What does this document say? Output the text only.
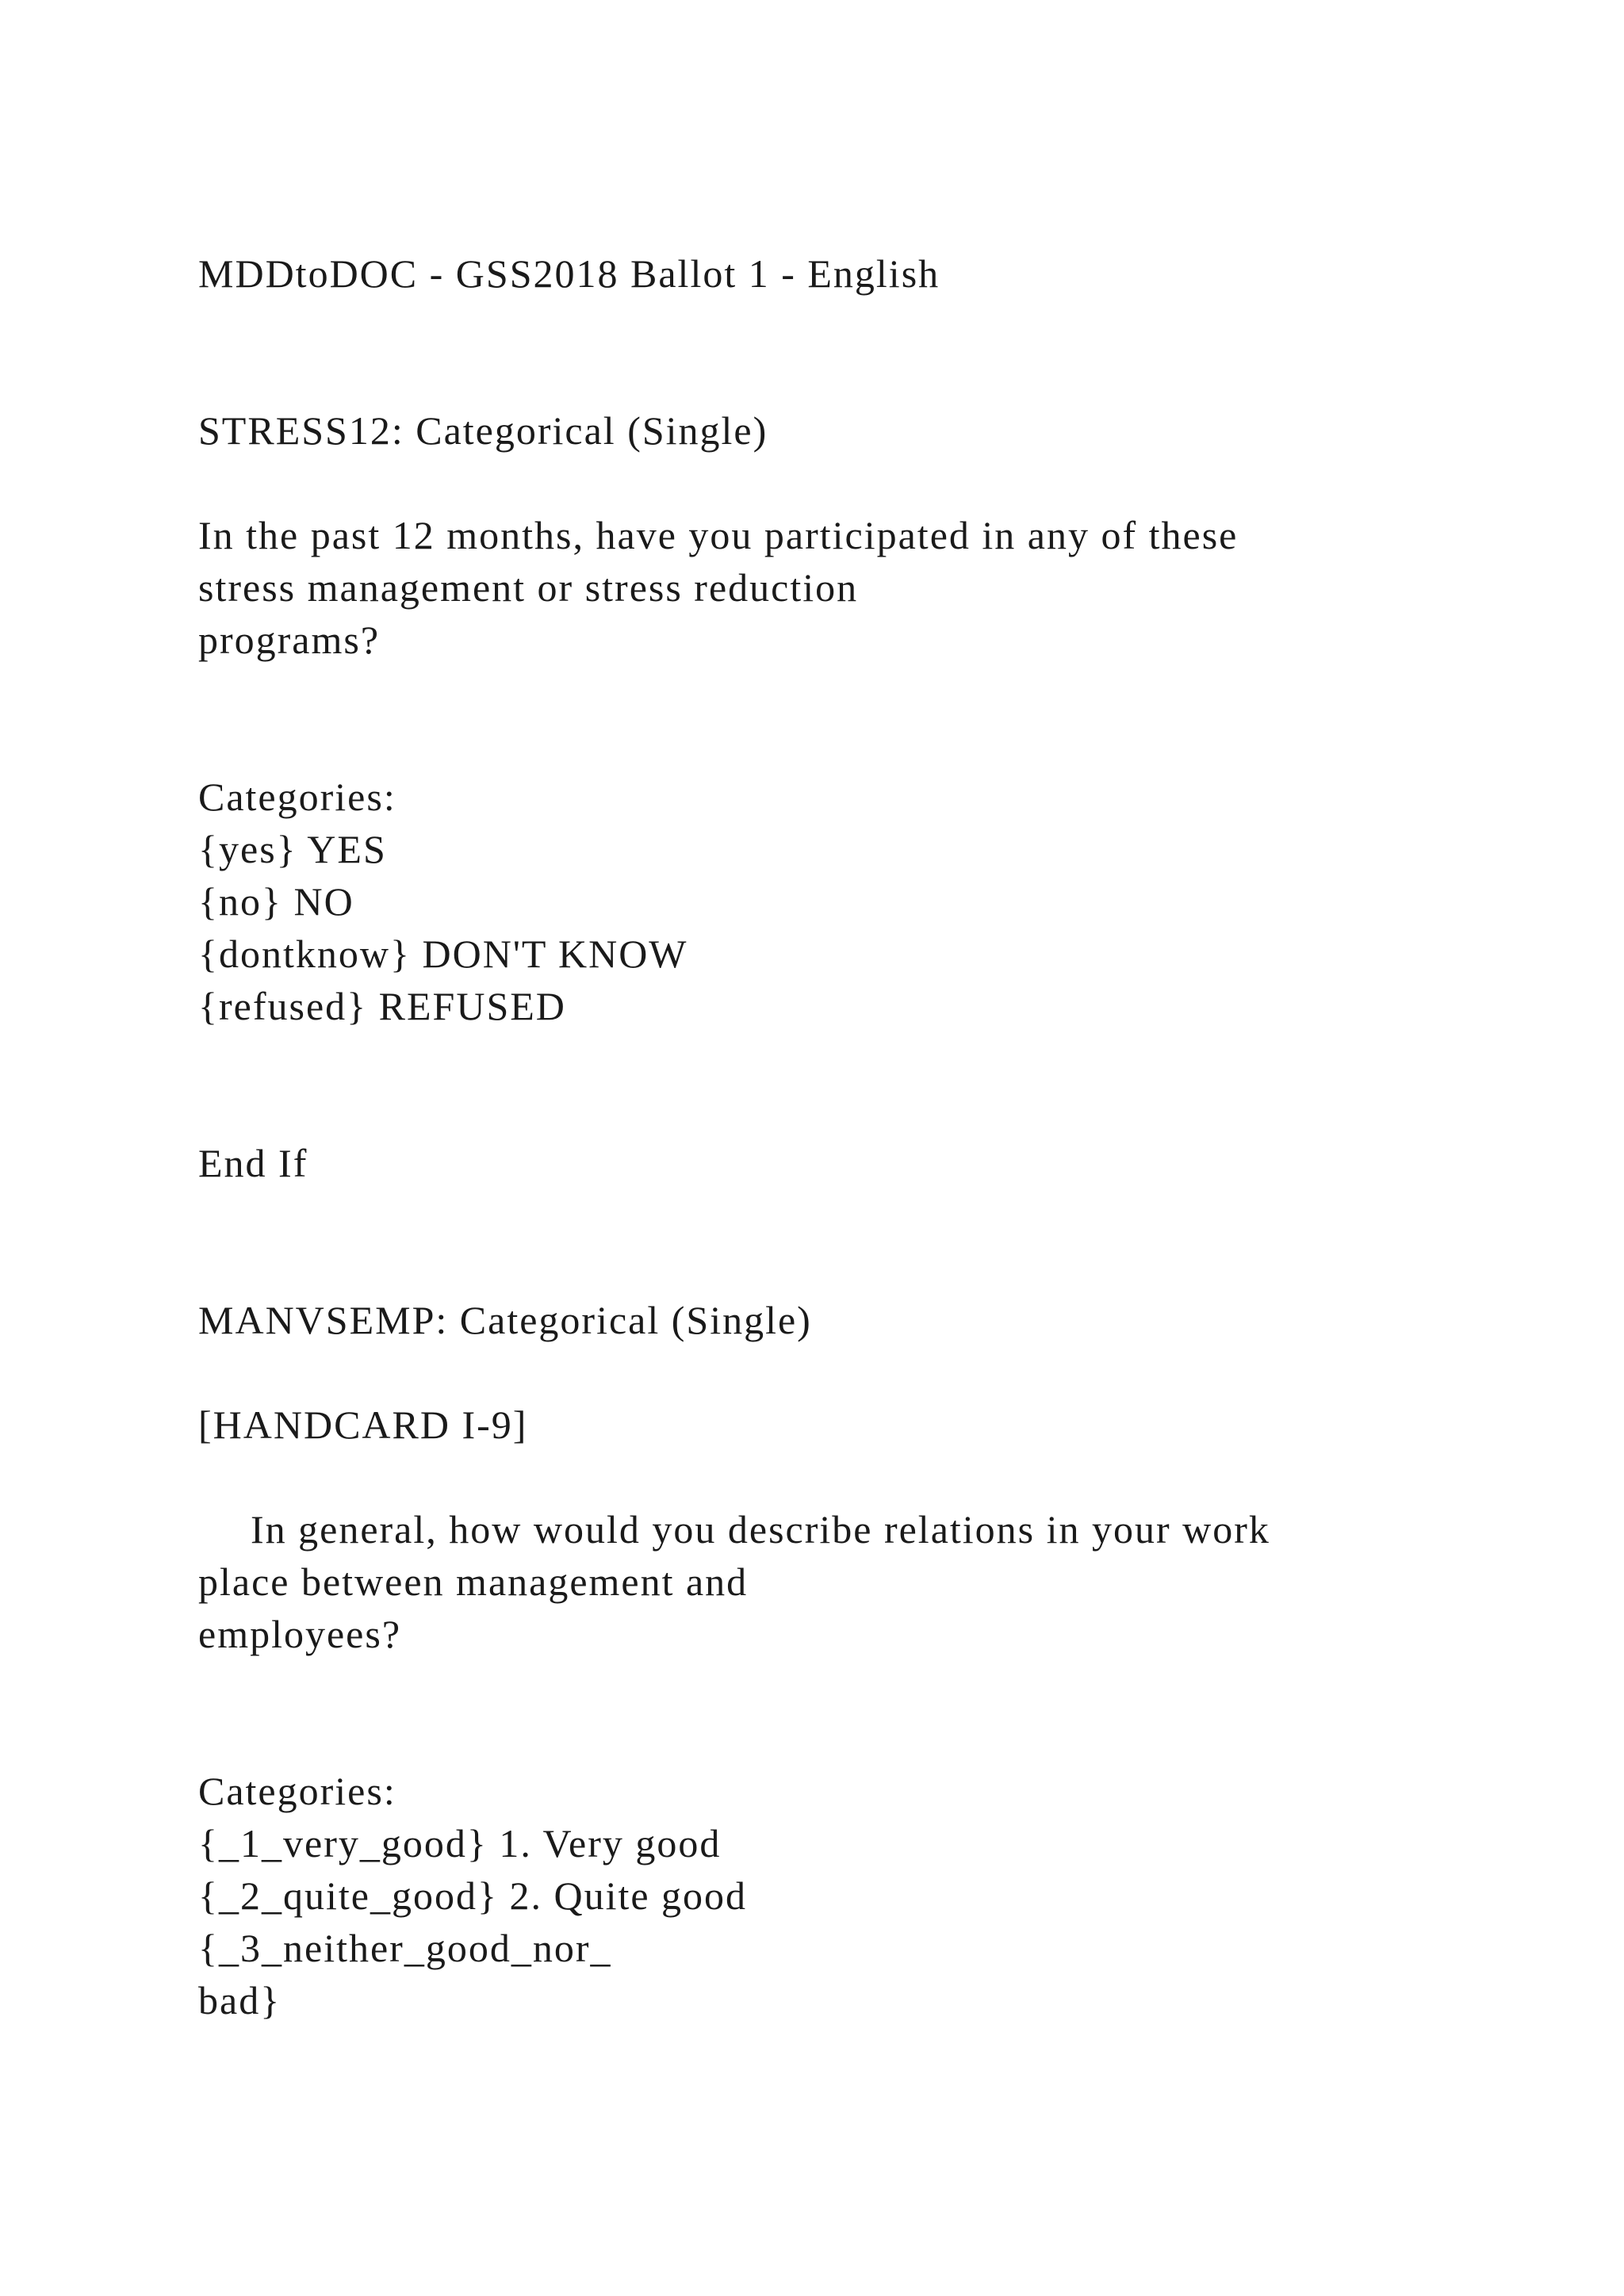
MDDtoDOC - GSS2018 Ballot 1 - English
STRESS12: Categorical (Single)
In the past 12 months, have you participated in any of these
stress management or stress reduction
programs?
Categories:
{yes} YES
{no} NO
{dontknow} DON'T KNOW
{refused} REFUSED
End If
MANVSEMP: Categorical (Single)
[HANDCARD I-9]
In general, how would you describe relations in your work
place between management and
employees?
Categories:
{_1_very_good} 1. Very good
{_2_quite_good} 2. Quite good
{_3_neither_good_nor_
bad}
